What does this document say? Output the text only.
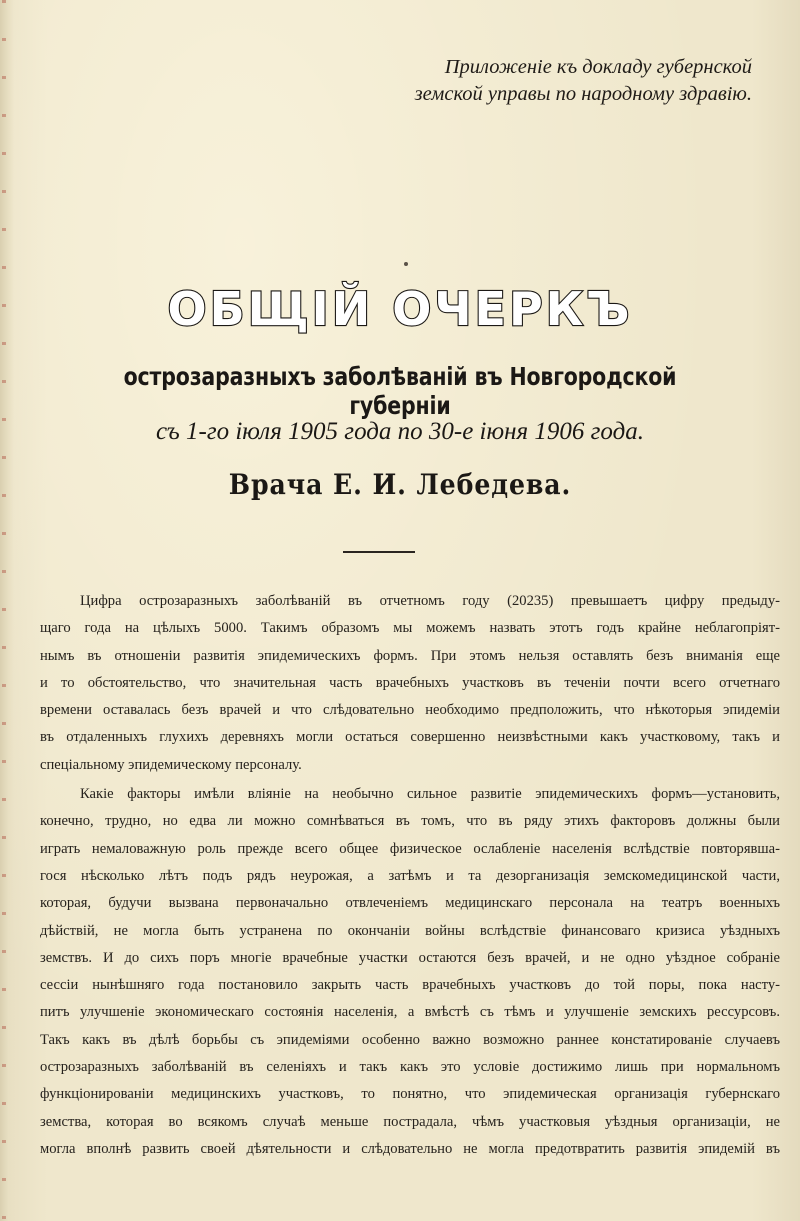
Приложенiе къ докладу губернской
земской управы по народному здравiю.
ОБЩІЙ ОЧЕРКЪ
острозаразныхъ заболѣванiй въ Новгородской губернiи
съ 1-го iюля 1905 года по 30-е iюня 1906 года.
Врача Е. И. Лебедева.

Цифра острозаразныхъ заболѣванiй въ отчетномъ году (20235) превышаетъ цифру предыду-

щаго года на цѣлыхъ 5000. Такимъ образомъ мы можемъ назвать этотъ годъ крайне неблагопрiят-

нымъ въ отношенiи развитiя эпидемическихъ формъ. При этомъ нельзя оставлять безъ вниманiя еще

и то обстоятельство, что значительная часть врачебныхъ участковъ въ теченiи почти всего отчетнаго

времени оставалась безъ врачей и что слѣдовательно необходимо предположить, что нѣкоторыя эпидемiи

въ отдаленныхъ глухихъ деревняхъ могли остаться совершенно неизвѣстными какъ участковому, такъ и

спецiальному эпидемическому персоналу.

Какiе факторы имѣли влiянiе на необычно сильное развитiе эпидемическихъ формъ—установить,

конечно, трудно, но едва ли можно сомнѣваться въ томъ, что въ ряду этихъ факторовъ должны были

играть немаловажную роль прежде всего общее физическое ослабленiе населенiя вслѣдствiе повторявша-

гося нѣсколько лѣтъ подъ рядъ неурожая, а затѣмъ и та дезорганизацiя земскомедицинской части,

которая, будучи вызвана первоначально отвлеченiемъ медицинскаго персонала на театръ военныхъ

дѣйствiй, не могла быть устранена по окончанiи войны вслѣдствiе финансоваго кризиса уѣздныхъ

земствъ. И до сихъ поръ многiе врачебные участки остаются безъ врачей, и не одно уѣздное собранiе

сессiи нынѣшняго года постановило закрыть часть врачебныхъ участковъ до той поры, пока насту-

питъ улучшенiе экономическаго состоянiя населенiя, а вмѣстѣ съ тѣмъ и улучшенiе земскихъ рессурсовъ.

Такъ какъ въ дѣлѣ борьбы съ эпидемiями особенно важно возможно раннее констатированiе случаевъ

острозаразныхъ заболѣванiй въ селенiяхъ и такъ какъ это условiе достижимо лишь при нормальномъ

функцiонированiи медицинскихъ участковъ, то понятно, что эпидемическая организацiя губернскаго

земства, которая во всякомъ случаѣ меньше пострадала, чѣмъ участковыя уѣздныя организацiи, не

могла вполнѣ развить своей дѣятельности и слѣдовательно не могла предотвратить развитiя эпидемiй въ
